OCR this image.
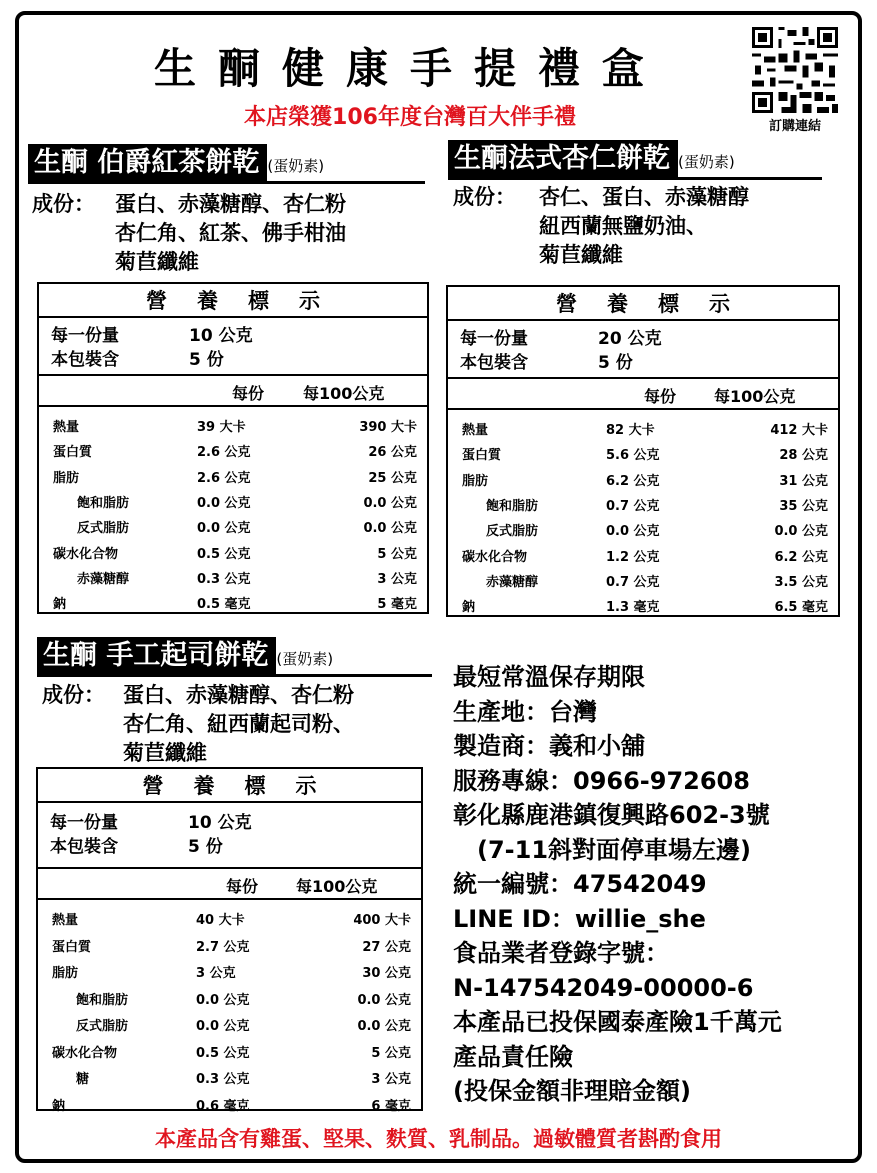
生酮健康手提禮盒
本店榮獲106年度台灣百大伴手禮	訂購連結
生酮 伯爵紅茶餅乾 (蛋奶素)
成份： 蛋白、赤藻糖醇、杏仁粉
杏仁角、紅茶、佛手柑油
菊苣纖維
營養標示
每一份量	10 公克
本包裝含	5 份
每份 每100公克
熱量	39 大卡	390 大卡
蛋白質	2.6 公克	26 公克
脂肪	2.6 公克	25 公克
飽和脂肪	0.0 公克	0.0 公克
反式脂肪	0.0 公克	0.0 公克
碳水化合物	0.5 公克	5 公克
赤藻糖醇	0.3 公克	3 公克
鈉	0.5 毫克	5 毫克
生酮法式杏仁餅乾 (蛋奶素)
成份： 杏仁、蛋白、赤藻糖醇
紐西蘭無鹽奶油、
菊苣纖維
營養標示
每一份量	20 公克
本包裝含	5 份
每份 每100公克
熱量	82 大卡	412 大卡
蛋白質	5.6 公克	28 公克
脂肪	6.2 公克	31 公克
飽和脂肪	0.7 公克	35 公克
反式脂肪	0.0 公克	0.0 公克
碳水化合物	1.2 公克	6.2 公克
赤藻糖醇	0.7 公克	3.5 公克
鈉	1.3 毫克	6.5 毫克
生酮 手工起司餅乾 (蛋奶素)
成份： 蛋白、赤藻糖醇、杏仁粉
杏仁角、紐西蘭起司粉、
菊苣纖維
營養標示
每一份量	10 公克
本包裝含	5 份
每份 每100公克
熱量	40 大卡	400 大卡
蛋白質	2.7 公克	27 公克
脂肪	3 公克	30 公克
飽和脂肪	0.0 公克	0.0 公克
反式脂肪	0.0 公克	0.0 公克
碳水化合物	0.5 公克	5 公克
糖	0.3 公克	3 公克
鈉	0.6 毫克	6 毫克
最短常溫保存期限
生產地：台灣
製造商：義和小舖
服務專線：0966-972608
彰化縣鹿港鎮復興路602-3號
　(7-11斜對面停車場左邊)
統一編號：47542049
LINE ID：willie_she
食品業者登錄字號：
N-147542049-00000-6
本產品已投保國泰產險1千萬元
產品責任險
(投保金額非理賠金額)
本產品含有雞蛋、堅果、麩質、乳制品。過敏體質者斟酌食用
